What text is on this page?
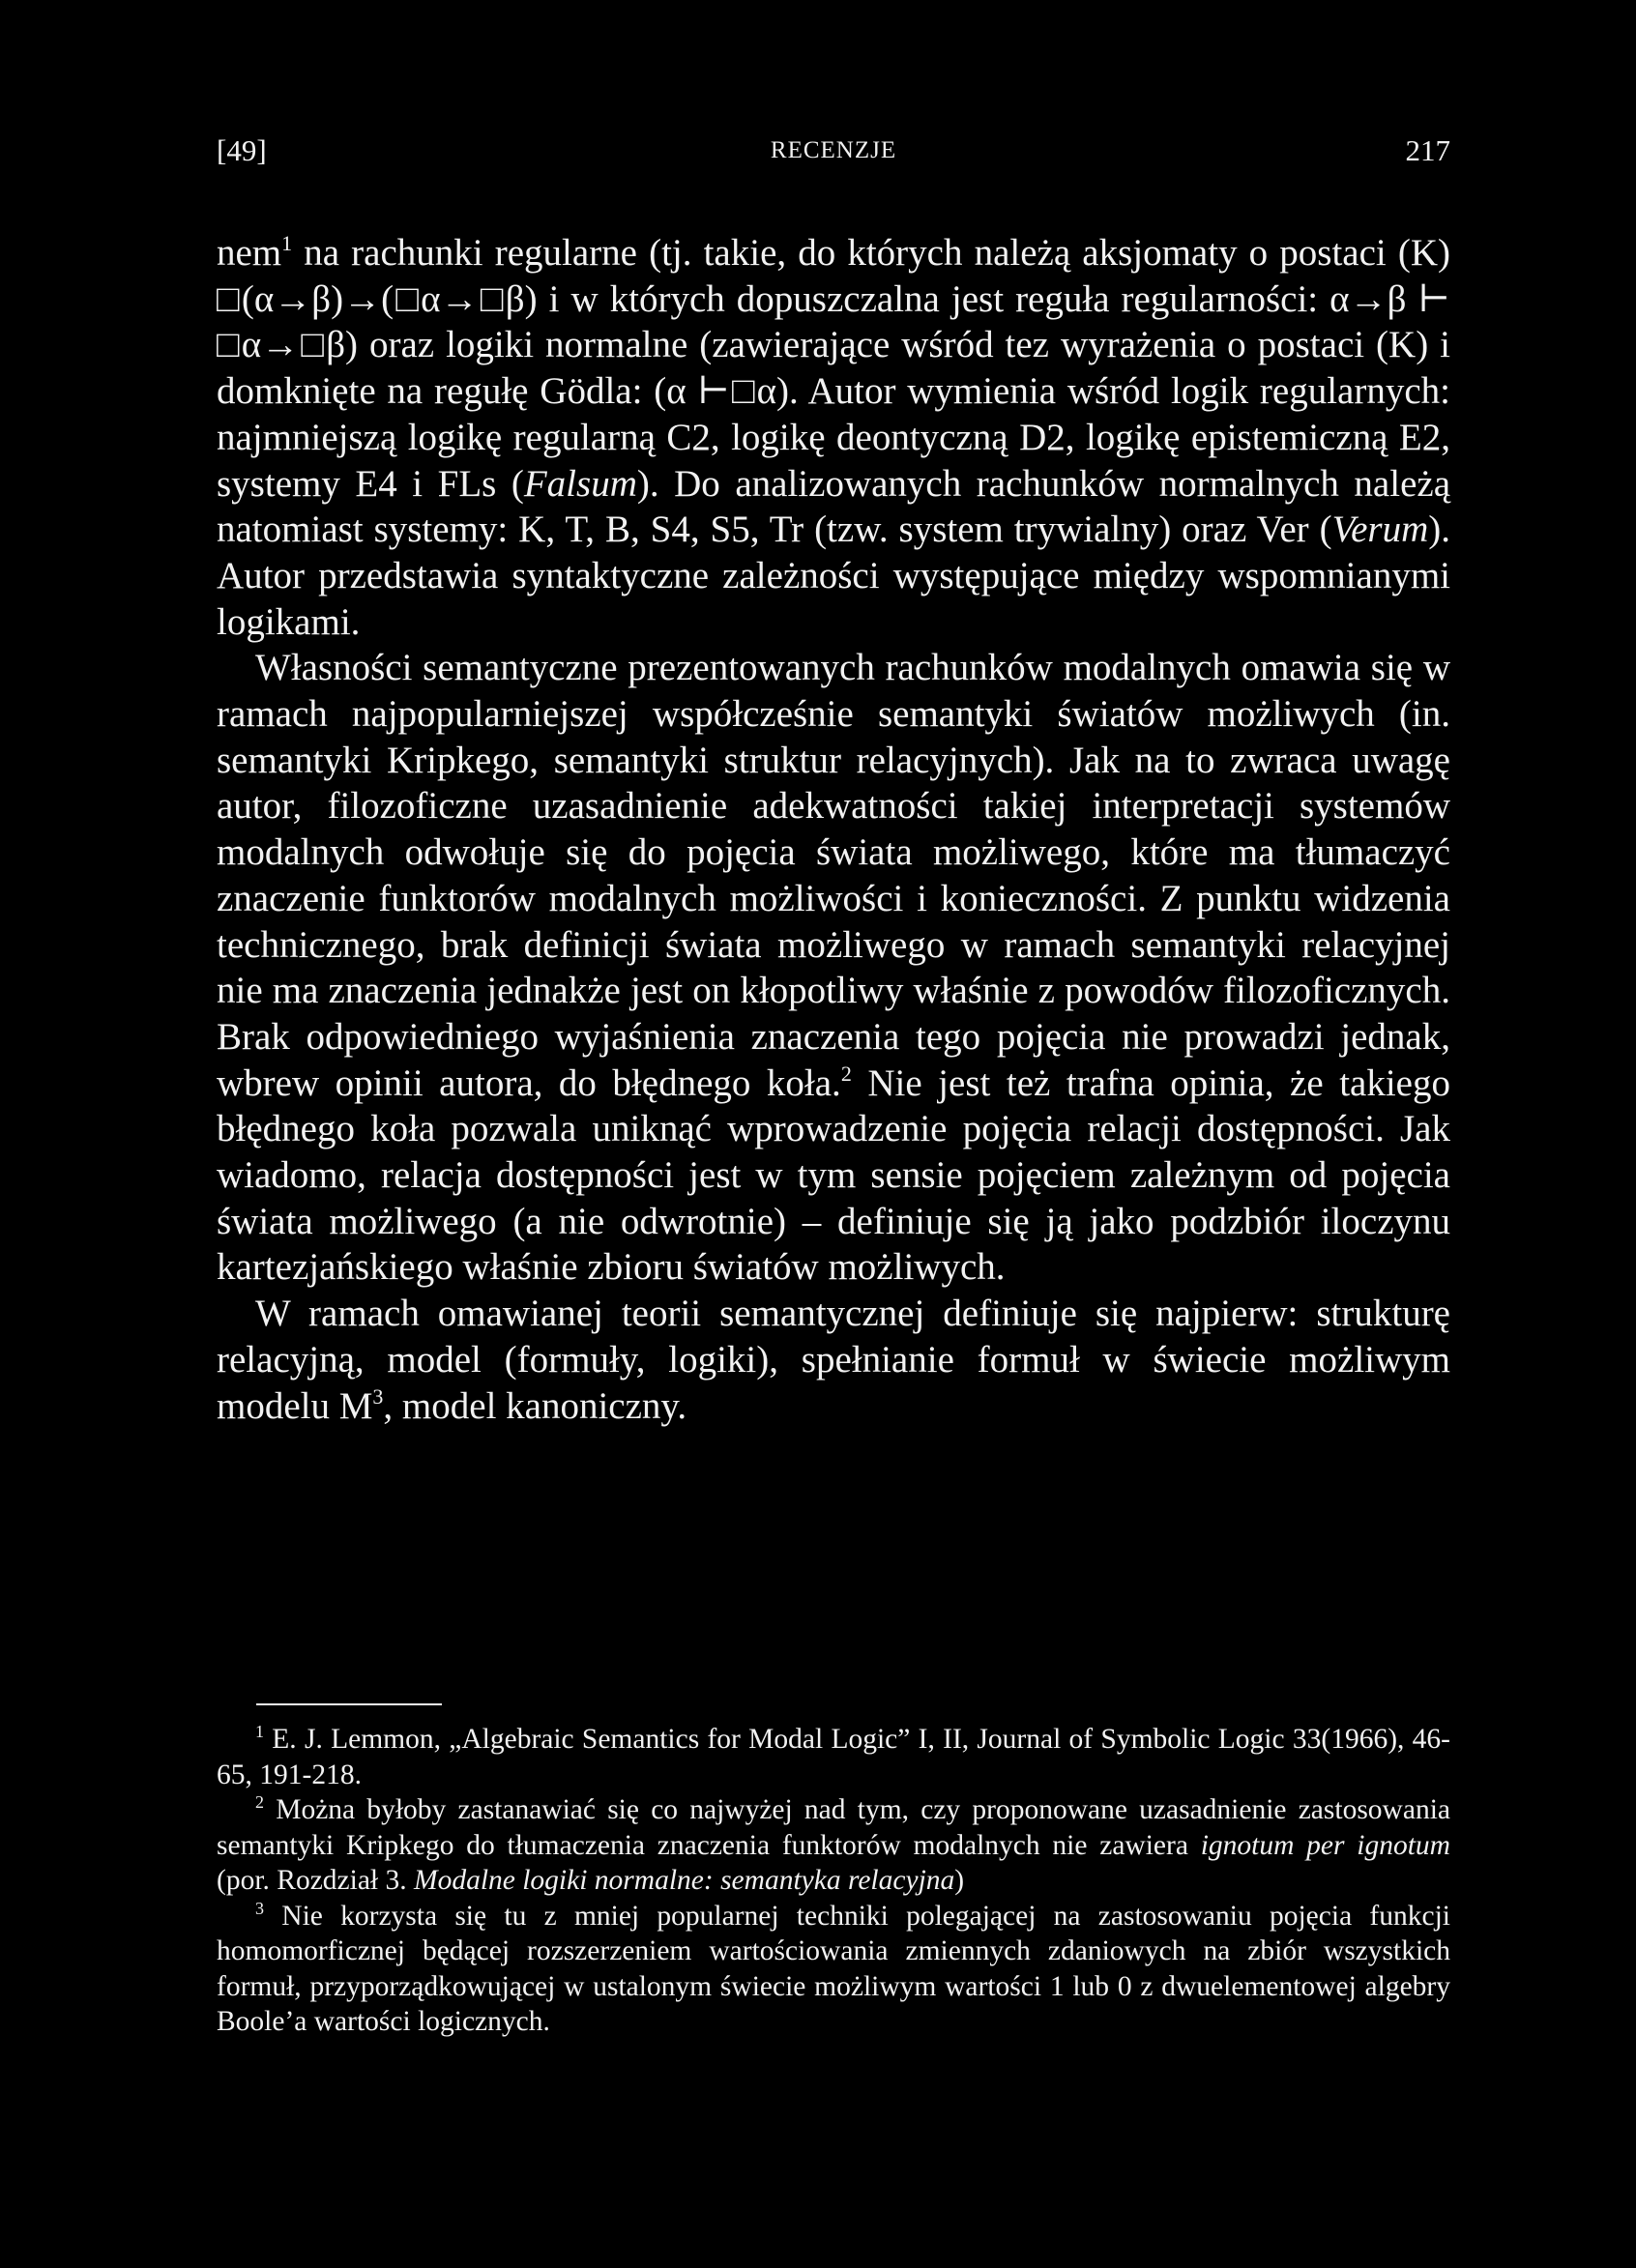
[49]	RECENZJE	217

nem$^1$ na rachunki regularne (tj. takie, do których należą aksjomaty o postaci (K) □(α→β)→(□α→□β) i w których dopuszczalna jest reguła regularności: α→β ⊢ □α→□β) oraz logiki normalne (zawierające wśród tez wyrażenia o postaci (K) i domknięte na regułę Gödla: (α ⊢□α). Autor wymienia wśród logik regularnych: najmniejszą logikę regularną C2, logikę deontyczną D2, logikę epistemiczną E2, systemy E4 i FLs (Falsum). Do analizowanych rachunków normalnych należą natomiast systemy: K, T, B, S4, S5, Tr (tzw. system trywialny) oraz Ver (Verum). Autor przedstawia syntaktyczne zależności występujące między wspomnianymi logikami.

Własności semantyczne prezentowanych rachunków modalnych omawia się w ramach najpopularniejszej współcześnie semantyki światów możliwych (in. semantyki Kripkego, semantyki struktur relacyjnych). Jak na to zwraca uwagę autor, filozoficzne uzasadnienie adekwatności takiej interpretacji systemów modalnych odwołuje się do pojęcia świata możliwego, które ma tłumaczyć znaczenie funktorów modalnych możliwości i konieczności. Z punktu widzenia technicznego, brak definicji świata możliwego w ramach semantyki relacyjnej nie ma znaczenia jednakże jest on kłopotliwy właśnie z powodów filozoficznych. Brak odpowiedniego wyjaśnienia znaczenia tego pojęcia nie prowadzi jednak, wbrew opinii autora, do błędnego koła.$^2$ Nie jest też trafna opinia, że takiego błędnego koła pozwala uniknąć wprowadzenie pojęcia relacji dostępności. Jak wiadomo, relacja dostępności jest w tym sensie pojęciem zależnym od pojęcia świata możliwego (a nie odwrotnie) – definiuje się ją jako podzbiór iloczynu kartezjańskiego właśnie zbioru światów możliwych.

W ramach omawianej teorii semantycznej definiuje się najpierw: strukturę relacyjną, model (formuły, logiki), spełnianie formuł w świecie możliwym modelu $M^3$, model kanoniczny.

$^1$ E. J. Lemmon, „Algebraic Semantics for Modal Logic” I, II, Journal of Symbolic Logic 33(1966), 46-65, 191-218.

$^2$ Można byłoby zastanawiać się co najwyżej nad tym, czy proponowane uzasadnienie zastosowania semantyki Kripkego do tłumaczenia znaczenia funktorów modalnych nie zawiera ignotum per ignotum (por. Rozdział 3. Modalne logiki normalne: semantyka relacyjna)

$^3$ Nie korzysta się tu z mniej popularnej techniki polegającej na zastosowaniu pojęcia funkcji homomorficznej będącej rozszerzeniem wartościowania zmiennych zdaniowych na zbiór wszystkich formuł, przyporządkowującej w ustalonym świecie możliwym wartości 1 lub 0 z dwuelementowej algebry Boole’a wartości logicznych.
